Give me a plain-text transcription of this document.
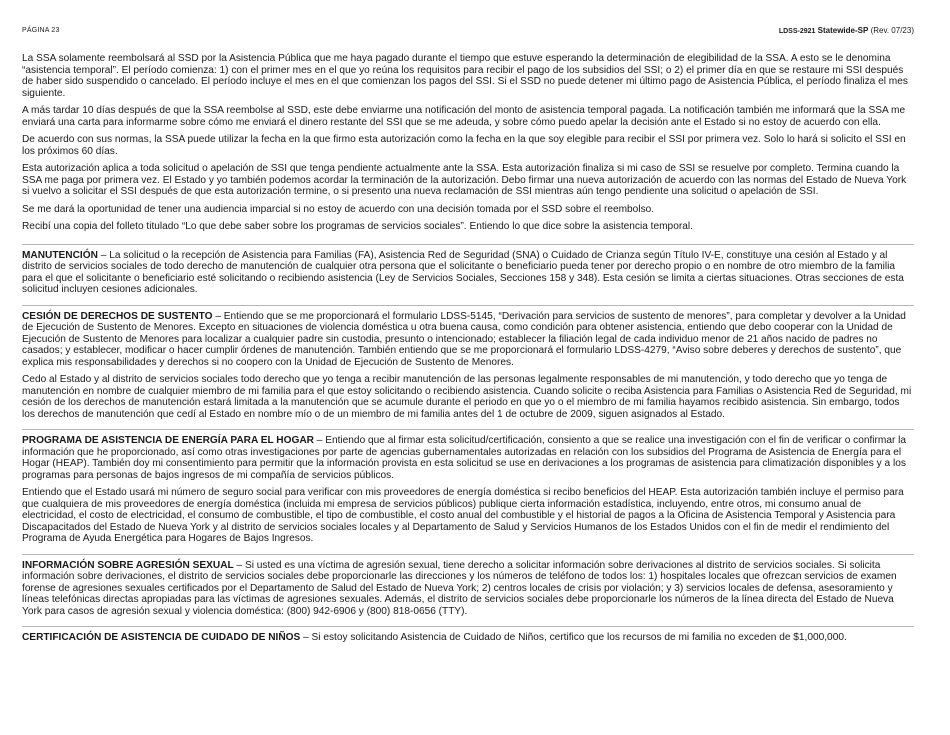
PÁGINA 23	LDSS-2921 Statewide-SP (Rev. 07/23)

La SSA solamente reembolsará al SSD por la Asistencia Pública que me haya pagado durante el tiempo que estuve esperando la determinación de elegibilidad de la SSA. A esto se le denomina “asistencia temporal”. El período comienza: 1) con el primer mes en el que yo reúna los requisitos para recibir el pago de los subsidios del SSI; o 2) el primer día en que se restaure mi SSI después de haber sido suspendido o cancelado. El período incluye el mes en el que comienzan los pagos del SSI. Si el SSD no puede detener mi último pago de Asistencia Pública, el período finaliza el mes siguiente.

A más tardar 10 días después de que la SSA reembolse al SSD, este debe enviarme una notificación del monto de asistencia temporal pagada. La notificación también me informará que la SSA me enviará una carta para informarme sobre cómo me enviará el dinero restante del SSI que se me adeuda, y sobre cómo puedo apelar la decisión ante el Estado si no estoy de acuerdo con ella.

De acuerdo con sus normas, la SSA puede utilizar la fecha en la que firmo esta autorización como la fecha en la que soy elegible para recibir el SSI por primera vez. Solo lo hará si solicito el SSI en los próximos 60 días.

Esta autorización aplica a toda solicitud o apelación de SSI que tenga pendiente actualmente ante la SSA. Esta autorización finaliza si mi caso de SSI se resuelve por completo. Termina cuando la SSA me paga por primera vez. El Estado y yo también podemos acordar la terminación de la autorización. Debo firmar una nueva autorización de acuerdo con las normas del Estado de Nueva York si vuelvo a solicitar el SSI después de que esta autorización termine, o si presento una nueva reclamación de SSI mientras aún tengo pendiente una solicitud o apelación de SSI.

Se me dará la oportunidad de tener una audiencia imparcial si no estoy de acuerdo con una decisión tomada por el SSD sobre el reembolso.

Recibí una copia del folleto titulado “Lo que debe saber sobre los programas de servicios sociales”. Entiendo lo que dice sobre la asistencia temporal.

MANUTENCIÓN – La solicitud o la recepción de Asistencia para Familias (FA), Asistencia Red de Seguridad (SNA) o Cuidado de Crianza según Título IV-E, constituye una cesión al Estado y al distrito de servicios sociales de todo derecho de manutención de cualquier otra persona que el solicitante o beneficiario pueda tener por derecho propio o en nombre de otro miembro de la familia para el que el solicitante o beneficiario esté solicitando o recibiendo asistencia (Ley de Servicios Sociales, Secciones 158 y 348). Esta cesión se limita a ciertas situaciones. Otras secciones de esta solicitud incluyen cesiones adicionales.

CESIÓN DE DERECHOS DE SUSTENTO – Entiendo que se me proporcionará el formulario LDSS-5145, “Derivación para servicios de sustento de menores”, para completar y devolver a la Unidad de Ejecución de Sustento de Menores. Excepto en situaciones de violencia doméstica u otra buena causa, como condición para obtener asistencia, entiendo que debo cooperar con la Unidad de Ejecución de Sustento de Menores para localizar a cualquier padre sin custodia, presunto o intencionado; establecer la filiación legal de cada individuo menor de 21 años nacido de padres no casados; y establecer, modificar o hacer cumplir órdenes de manutención. También entiendo que se me proporcionará el formulario LDSS-4279, “Aviso sobre deberes y derechos de sustento”, que explica mis responsabilidades y derechos si no coopero con la Unidad de Ejecución de Sustento de Menores.

Cedo al Estado y al distrito de servicios sociales todo derecho que yo tenga a recibir manutención de las personas legalmente responsables de mi manutención, y todo derecho que yo tenga de manutención en nombre de cualquier miembro de mi familia para el que estoy solicitando o recibiendo asistencia. Cuando solicite o reciba Asistencia para Familias o Asistencia Red de Seguridad, mi cesión de los derechos de manutención estará limitada a la manutención que se acumule durante el periodo en que yo o el miembro de mi familia hayamos recibido asistencia. Sin embargo, todos los derechos de manutención que cedí al Estado en nombre mío o de un miembro de mi familia antes del 1 de octubre de 2009, siguen asignados al Estado.

PROGRAMA DE ASISTENCIA DE ENERGÍA PARA EL HOGAR – Entiendo que al firmar esta solicitud/certificación, consiento a que se realice una investigación con el fin de verificar o confirmar la información que he proporcionado, así como otras investigaciones por parte de agencias gubernamentales autorizadas en relación con los subsidios del Programa de Asistencia de Energía para el Hogar (HEAP). También doy mi consentimiento para permitir que la información provista en esta solicitud se use en derivaciones a los programas de asistencia para climatización disponibles y a los programas para personas de bajos ingresos de mi compañía de servicios públicos.

Entiendo que el Estado usará mi número de seguro social para verificar con mis proveedores de energía doméstica si recibo beneficios del HEAP. Esta autorización también incluye el permiso para que cualquiera de mis proveedores de energía doméstica (incluida mi empresa de servicios públicos) publique cierta información estadística, incluyendo, entre otros, mi consumo anual de electricidad, el costo de electricidad, el consumo de combustible, el tipo de combustible, el costo anual del combustible y el historial de pagos a la Oficina de Asistencia Temporal y Asistencia para Discapacitados del Estado de Nueva York y al distrito de servicios sociales locales y al Departamento de Salud y Servicios Humanos de los Estados Unidos con el fin de medir el rendimiento del Programa de Ayuda Energética para Hogares de Bajos Ingresos.

INFORMACIÓN SOBRE AGRESIÓN SEXUAL – Si usted es una víctima de agresión sexual, tiene derecho a solicitar información sobre derivaciones al distrito de servicios sociales. Si solicita información sobre derivaciones, el distrito de servicios sociales debe proporcionarle las direcciones y los números de teléfono de todos los: 1) hospitales locales que ofrezcan servicios de examen forense de agresiones sexuales certificados por el Departamento de Salud del Estado de Nueva York; 2) centros locales de crisis por violación; y 3) servicios locales de defensa, asesoramiento y líneas telefónicas directas apropiadas para las víctimas de agresiones sexuales. Además, el distrito de servicios sociales debe proporcionarle los números de la línea directa del Estado de Nueva York para casos de agresión sexual y violencia doméstica: (800) 942-6906 y (800) 818-0656 (TTY).

CERTIFICACIÓN DE ASISTENCIA DE CUIDADO DE NIÑOS – Si estoy solicitando Asistencia de Cuidado de Niños, certifico que los recursos de mi familia no exceden de $1,000,000.
